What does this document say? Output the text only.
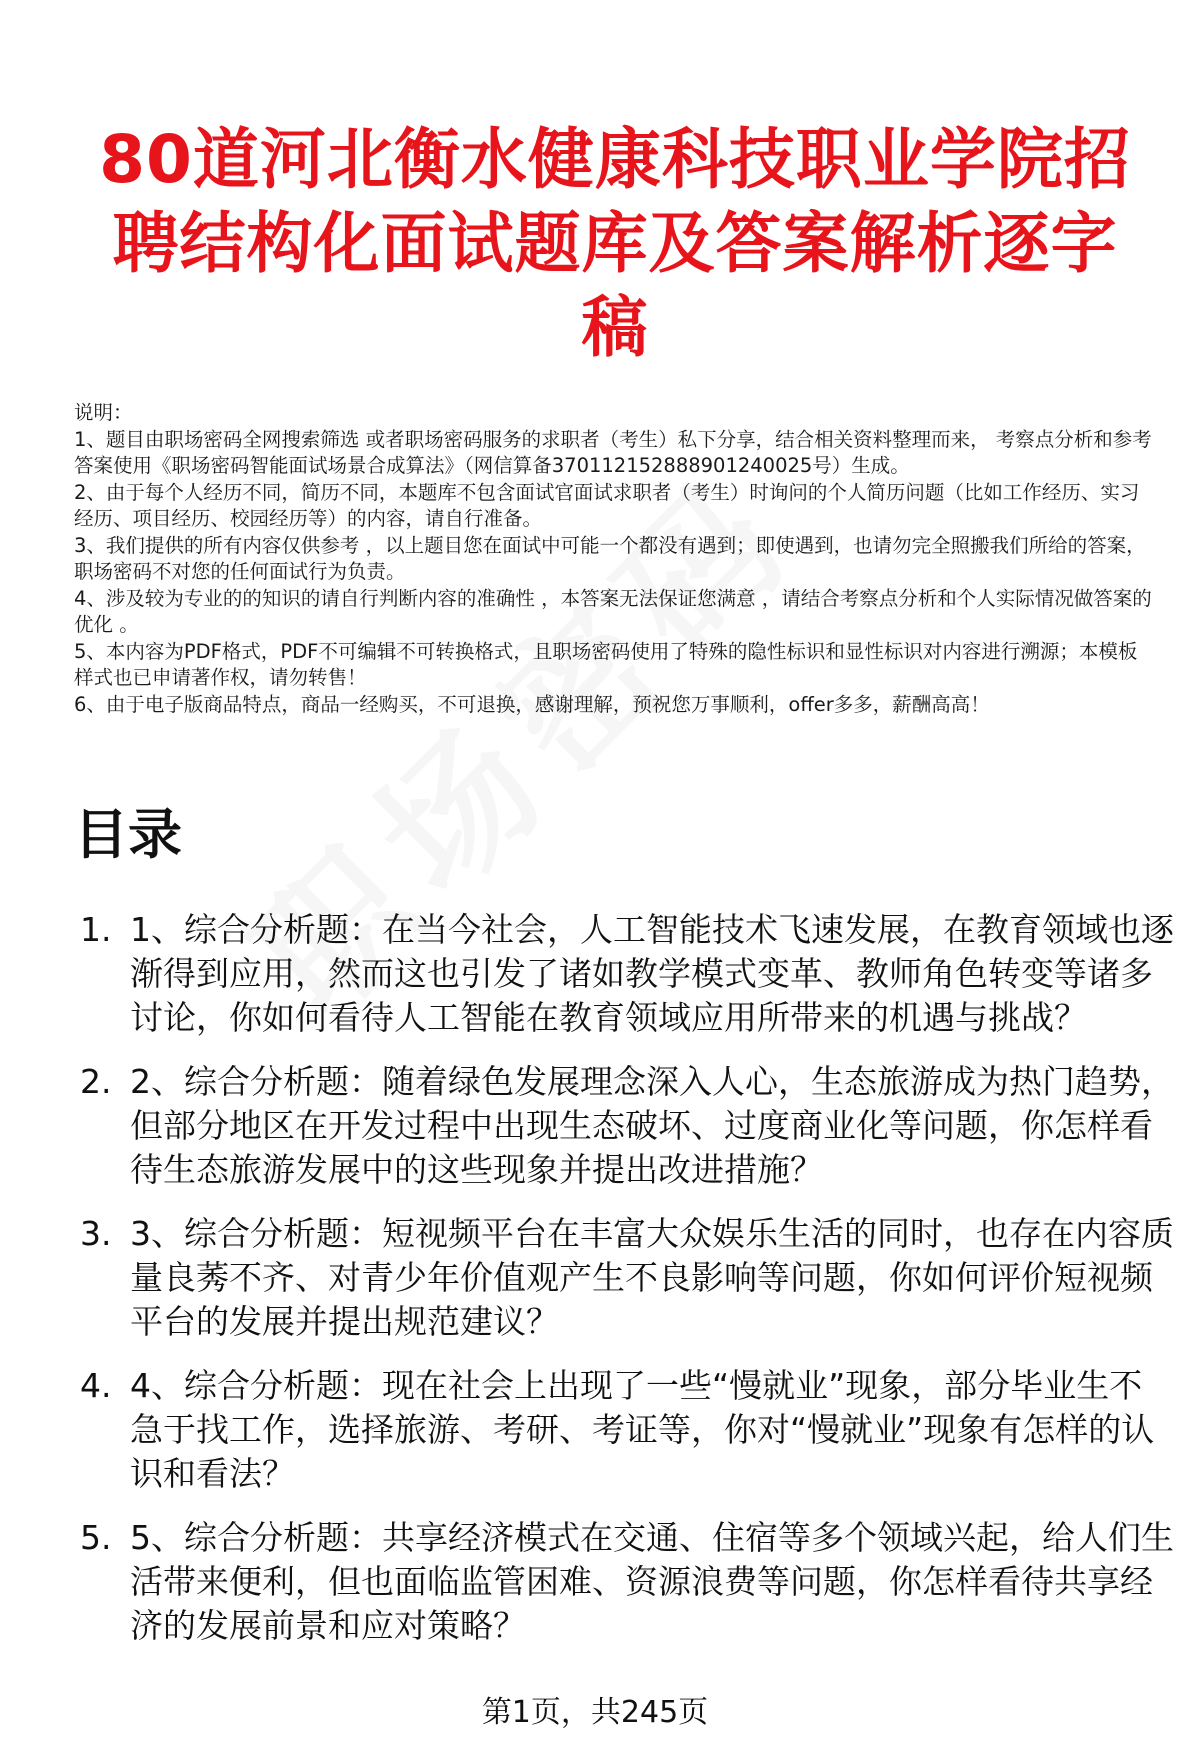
80道河北衡水健康科技职业学院招聘结构化面试题库及答案解析逐字稿

说明：

1、题目由职场密码全网搜索筛选 或者职场密码服务的求职者（考生）私下分享，结合相关资料整理而来， 考察点分析和参考答案使用《职场密码智能面试场景合成算法》（网信算备370112152888901240025号）生成。

2、由于每个人经历不同，简历不同，本题库不包含面试官面试求职者（考生）时询问的个人简历问题（比如工作经历、实习经历、项目经历、校园经历等）的内容，请自行准备。

3、我们提供的所有内容仅供参考 ，以上题目您在面试中可能一个都没有遇到；即使遇到，也请勿完全照搬我们所给的答案，职场密码不对您的任何面试行为负责。

4、涉及较为专业的的知识的请自行判断内容的准确性 ，本答案无法保证您满意 ，请结合考察点分析和个人实际情况做答案的优化 。

5、本内容为PDF格式，PDF不可编辑不可转换格式，且职场密码使用了特殊的隐性标识和显性标识对内容进行溯源；本模板样式也已申请著作权，请勿转售！

6、由于电子版商品特点，商品一经购买，不可退换，感谢理解，预祝您万事顺利，offer多多，薪酬高高！

目录
1. 1、综合分析题：在当今社会，人工智能技术飞速发展，在教育领域也逐渐得到应用，然而这也引发了诸如教学模式变革、教师角色转变等诸多讨论，你如何看待人工智能在教育领域应用所带来的机遇与挑战？
2. 2、综合分析题：随着绿色发展理念深入人心，生态旅游成为热门趋势，但部分地区在开发过程中出现生态破坏、过度商业化等问题，你怎样看待生态旅游发展中的这些现象并提出改进措施？
3. 3、综合分析题：短视频平台在丰富大众娱乐生活的同时，也存在内容质量良莠不齐、对青少年价值观产生不良影响等问题，你如何评价短视频平台的发展并提出规范建议？
4. 4、综合分析题：现在社会上出现了一些“慢就业”现象，部分毕业生不急于找工作，选择旅游、考研、考证等，你对“慢就业”现象有怎样的认识和看法？
5. 5、综合分析题：共享经济模式在交通、住宿等多个领域兴起，给人们生活带来便利，但也面临监管困难、资源浪费等问题，你怎样看待共享经济的发展前景和应对策略？
第1页，共245页
